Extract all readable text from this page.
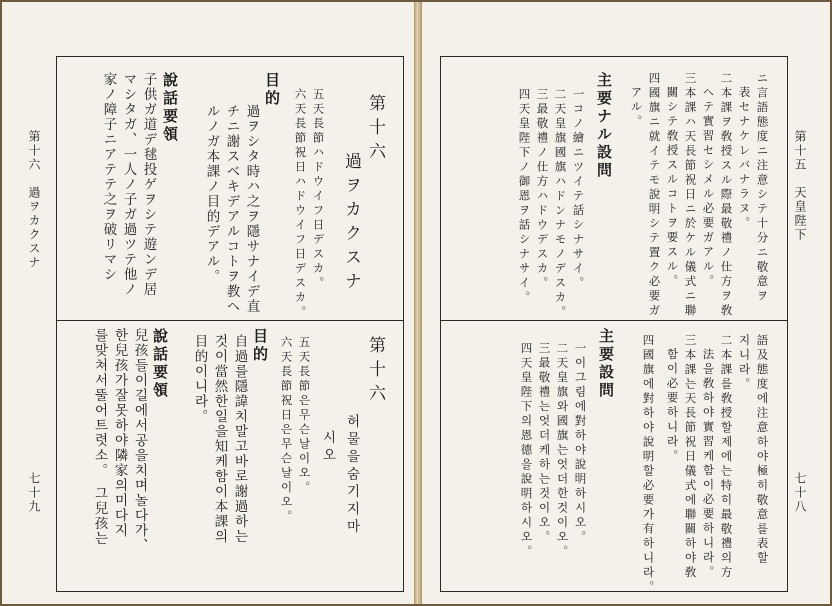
第十六　過ヲカクスナ
七十九
第十六
過ヲカクスナ
五天長節ハドウイフ日デスカ。
六天長節祝日ハドウイフ日デスカ。
目的
過ヲシタ時ハ之ヲ隱サナイデ直
チニ謝スベキデアルコトヲ教ヘ
ルノガ本課ノ目的デアル。
說話要領
子供ガ道デ毬投ゲヲシテ遊ンデ居
マシタガ、一人ノ子ガ過ツテ他ノ
家ノ障子ニアテテ之ヲ破リマシ
第十六
허물을숨기지마
시오
五天長節은무슨날이오。
六天長節祝日은무슨날이오。
目的
自過를隱諱치말고바로謝過하는
것이當然한일을知케함이本課의
目的이니라。
說話要領
兒孩들이길에서공을치며놀다가、
한兒孩가잘못하야隣家의미다지
를맞쳐서뚤어트렷소。　그兒孩는
第十五　天皇陛下
七十八
ニ言語態度ニ注意シテ十分ニ敬意ヲ
表セナケレバナラヌ。
二本課ヲ敎授スル際最敬禮ノ仕方ヲ敎
ヘテ實習セシメル必要ガアル。
三本課ハ天長節祝日ニ於ケル儀式ニ聯
關シテ敎授スルコトヲ要スル。
四國旗ニ就イテモ說明シテ置ク必要ガ
アル。
主要ナル設問
一コノ繪ニツイテ話シナサイ。
二天皇旗國旗ハドンナモノデスカ。
三最敬禮ノ仕方ハドウデスカ。
四天皇陛下ノ御恩ヲ話シナサイ。
語及態度에注意하야極히敬意를表할
지니라。
二本課를敎授할제에는特히最敬禮의方
法을敎하야實習케함이必要하니라。
三本課는天長節祝日儀式에聯關하야敎
함이必要하니라。
四國旗에對하야說明할必要가有하니라。
主要設問
一이그림에對하야說明하시오。
二天皇旗와國旗는엇더한것이오。
三最敬禮는엇더케하는것이오。
四天皇陛下의恩德을說明하시오。
